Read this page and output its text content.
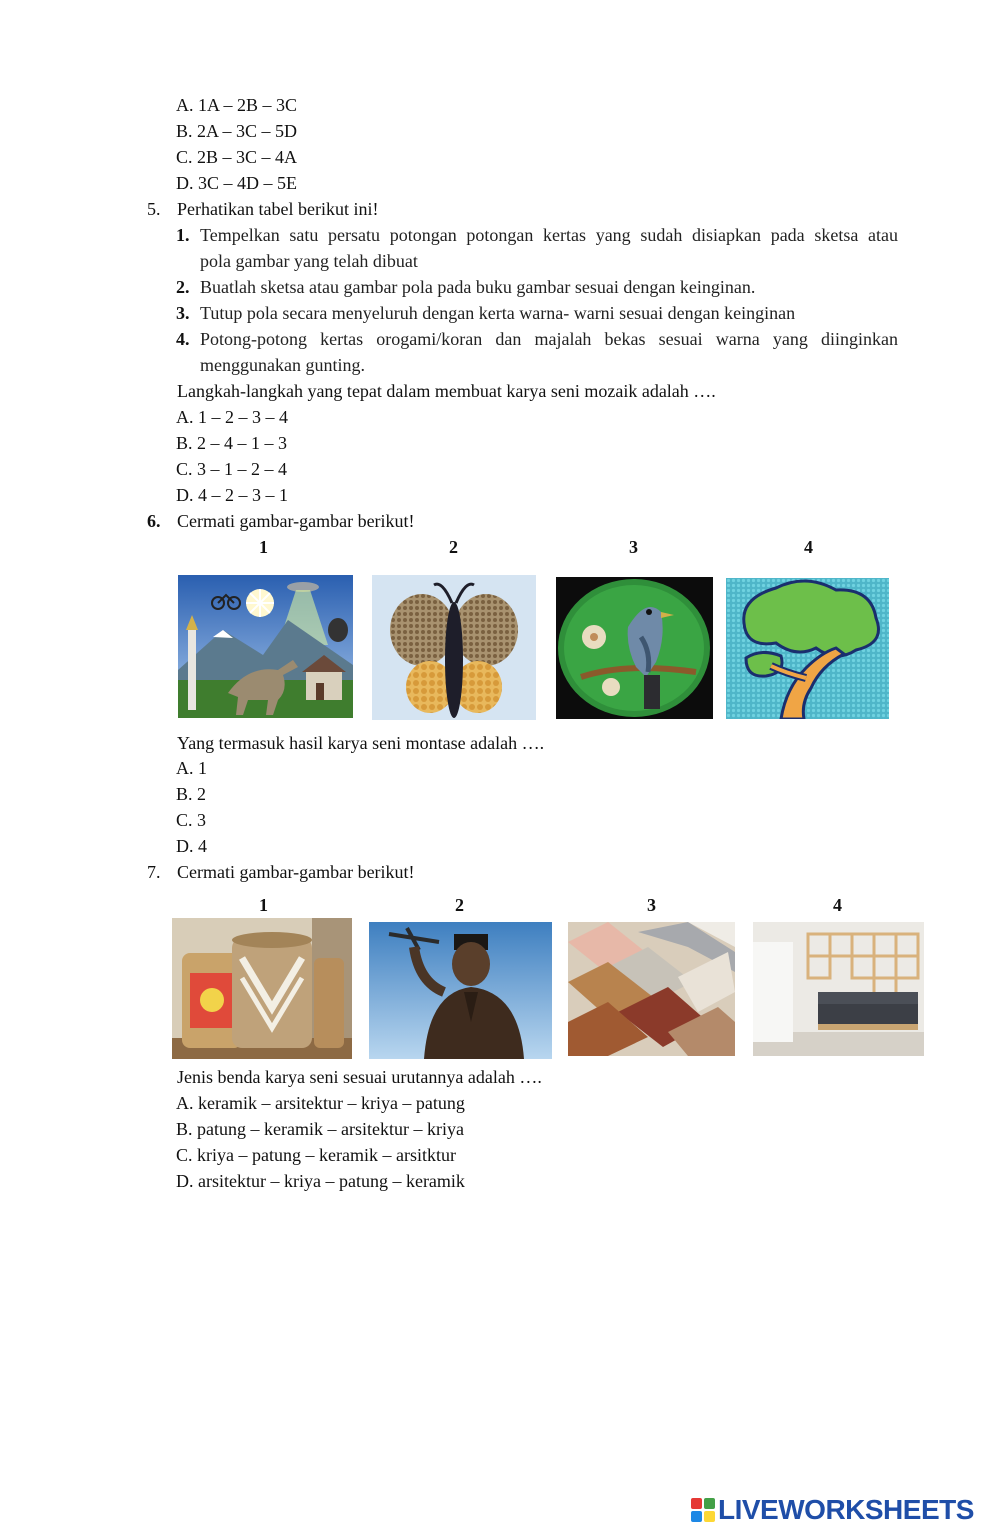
A. 1A – 2B – 3C
B. 2A – 3C – 5D
C. 2B – 3C – 4A
D. 3C – 4D – 5E
5. Perhatikan tabel berikut ini!
1. Tempelkan satu persatu potongan potongan kertas yang sudah disiapkan pada sketsa atau
pola gambar yang telah dibuat
2. Buatlah sketsa atau gambar pola pada buku gambar sesuai dengan keinginan.
3. Tutup pola secara menyeluruh dengan kerta warna- warni sesuai dengan keinginan
4. Potong-potong kertas orogami/koran dan majalah bekas sesuai warna yang diinginkan
menggunakan gunting.
Langkah-langkah yang tepat dalam membuat karya seni mozaik adalah ….
A. 1 – 2 – 3 – 4
B. 2 – 4 – 1 – 3
C. 3 – 1 – 2 – 4
D. 4 – 2 – 3 – 1
6. Cermati gambar-gambar berikut!
1	2	3	4
Yang termasuk hasil karya seni montase adalah ….
A. 1
B. 2
C. 3
D. 4
7. Cermati gambar-gambar berikut!
1	2	3	4
Jenis benda karya seni sesuai urutannya adalah ….
A. keramik – arsitektur – kriya – patung
B. patung – keramik – arsitektur – kriya
C. kriya – patung – keramik – arsitktur
D. arsitektur – kriya – patung – keramik
LIVEWORKSHEETS
